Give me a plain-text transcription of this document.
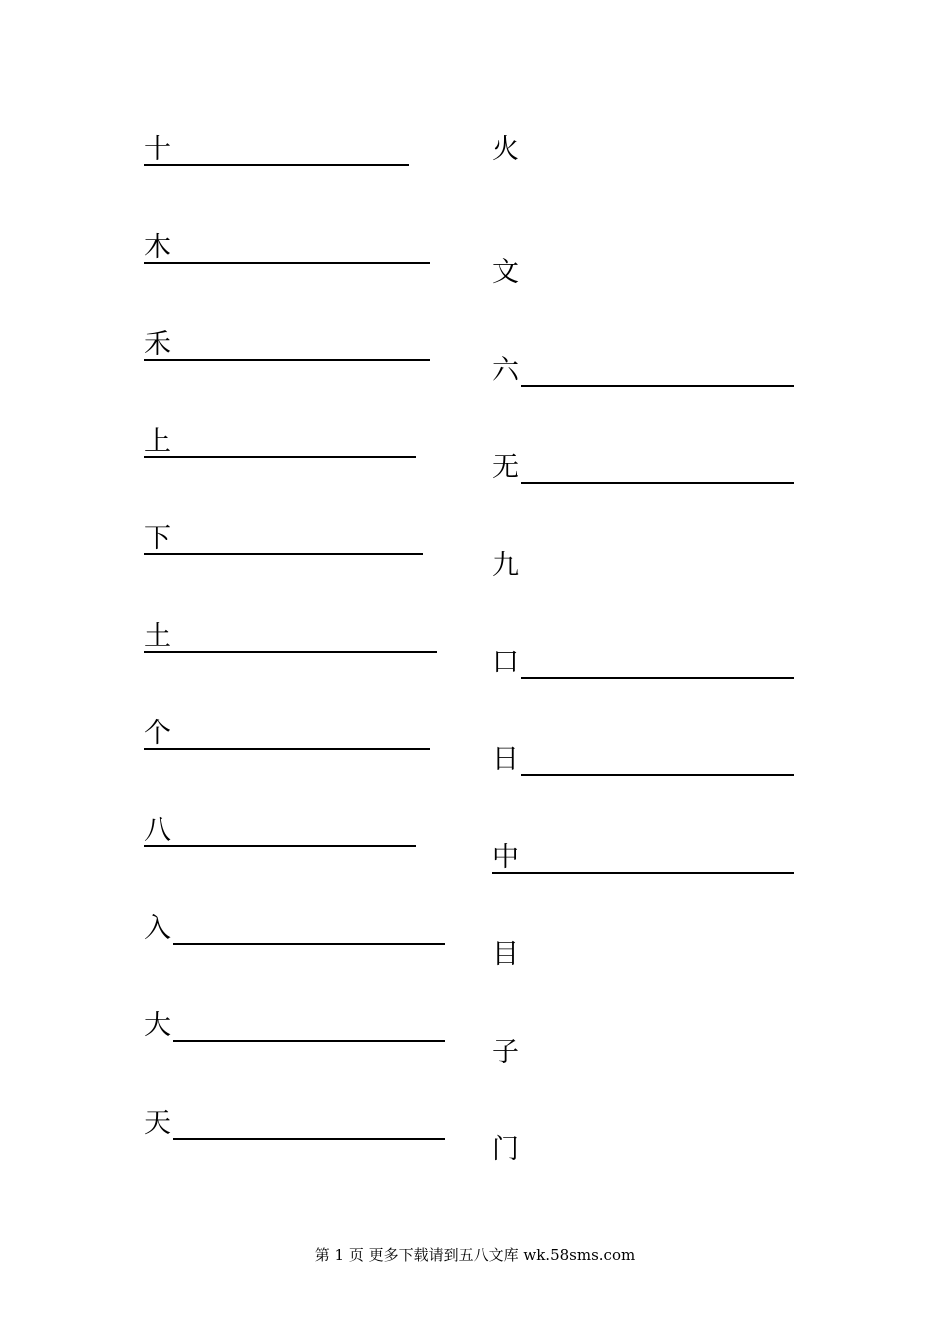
十
木
禾
上
下
土
个
八
入
大
天
火
文
六
无
九
口
日
中
目
子
门
第 1 页 更多下载请到五八文库 wk.58sms.com
